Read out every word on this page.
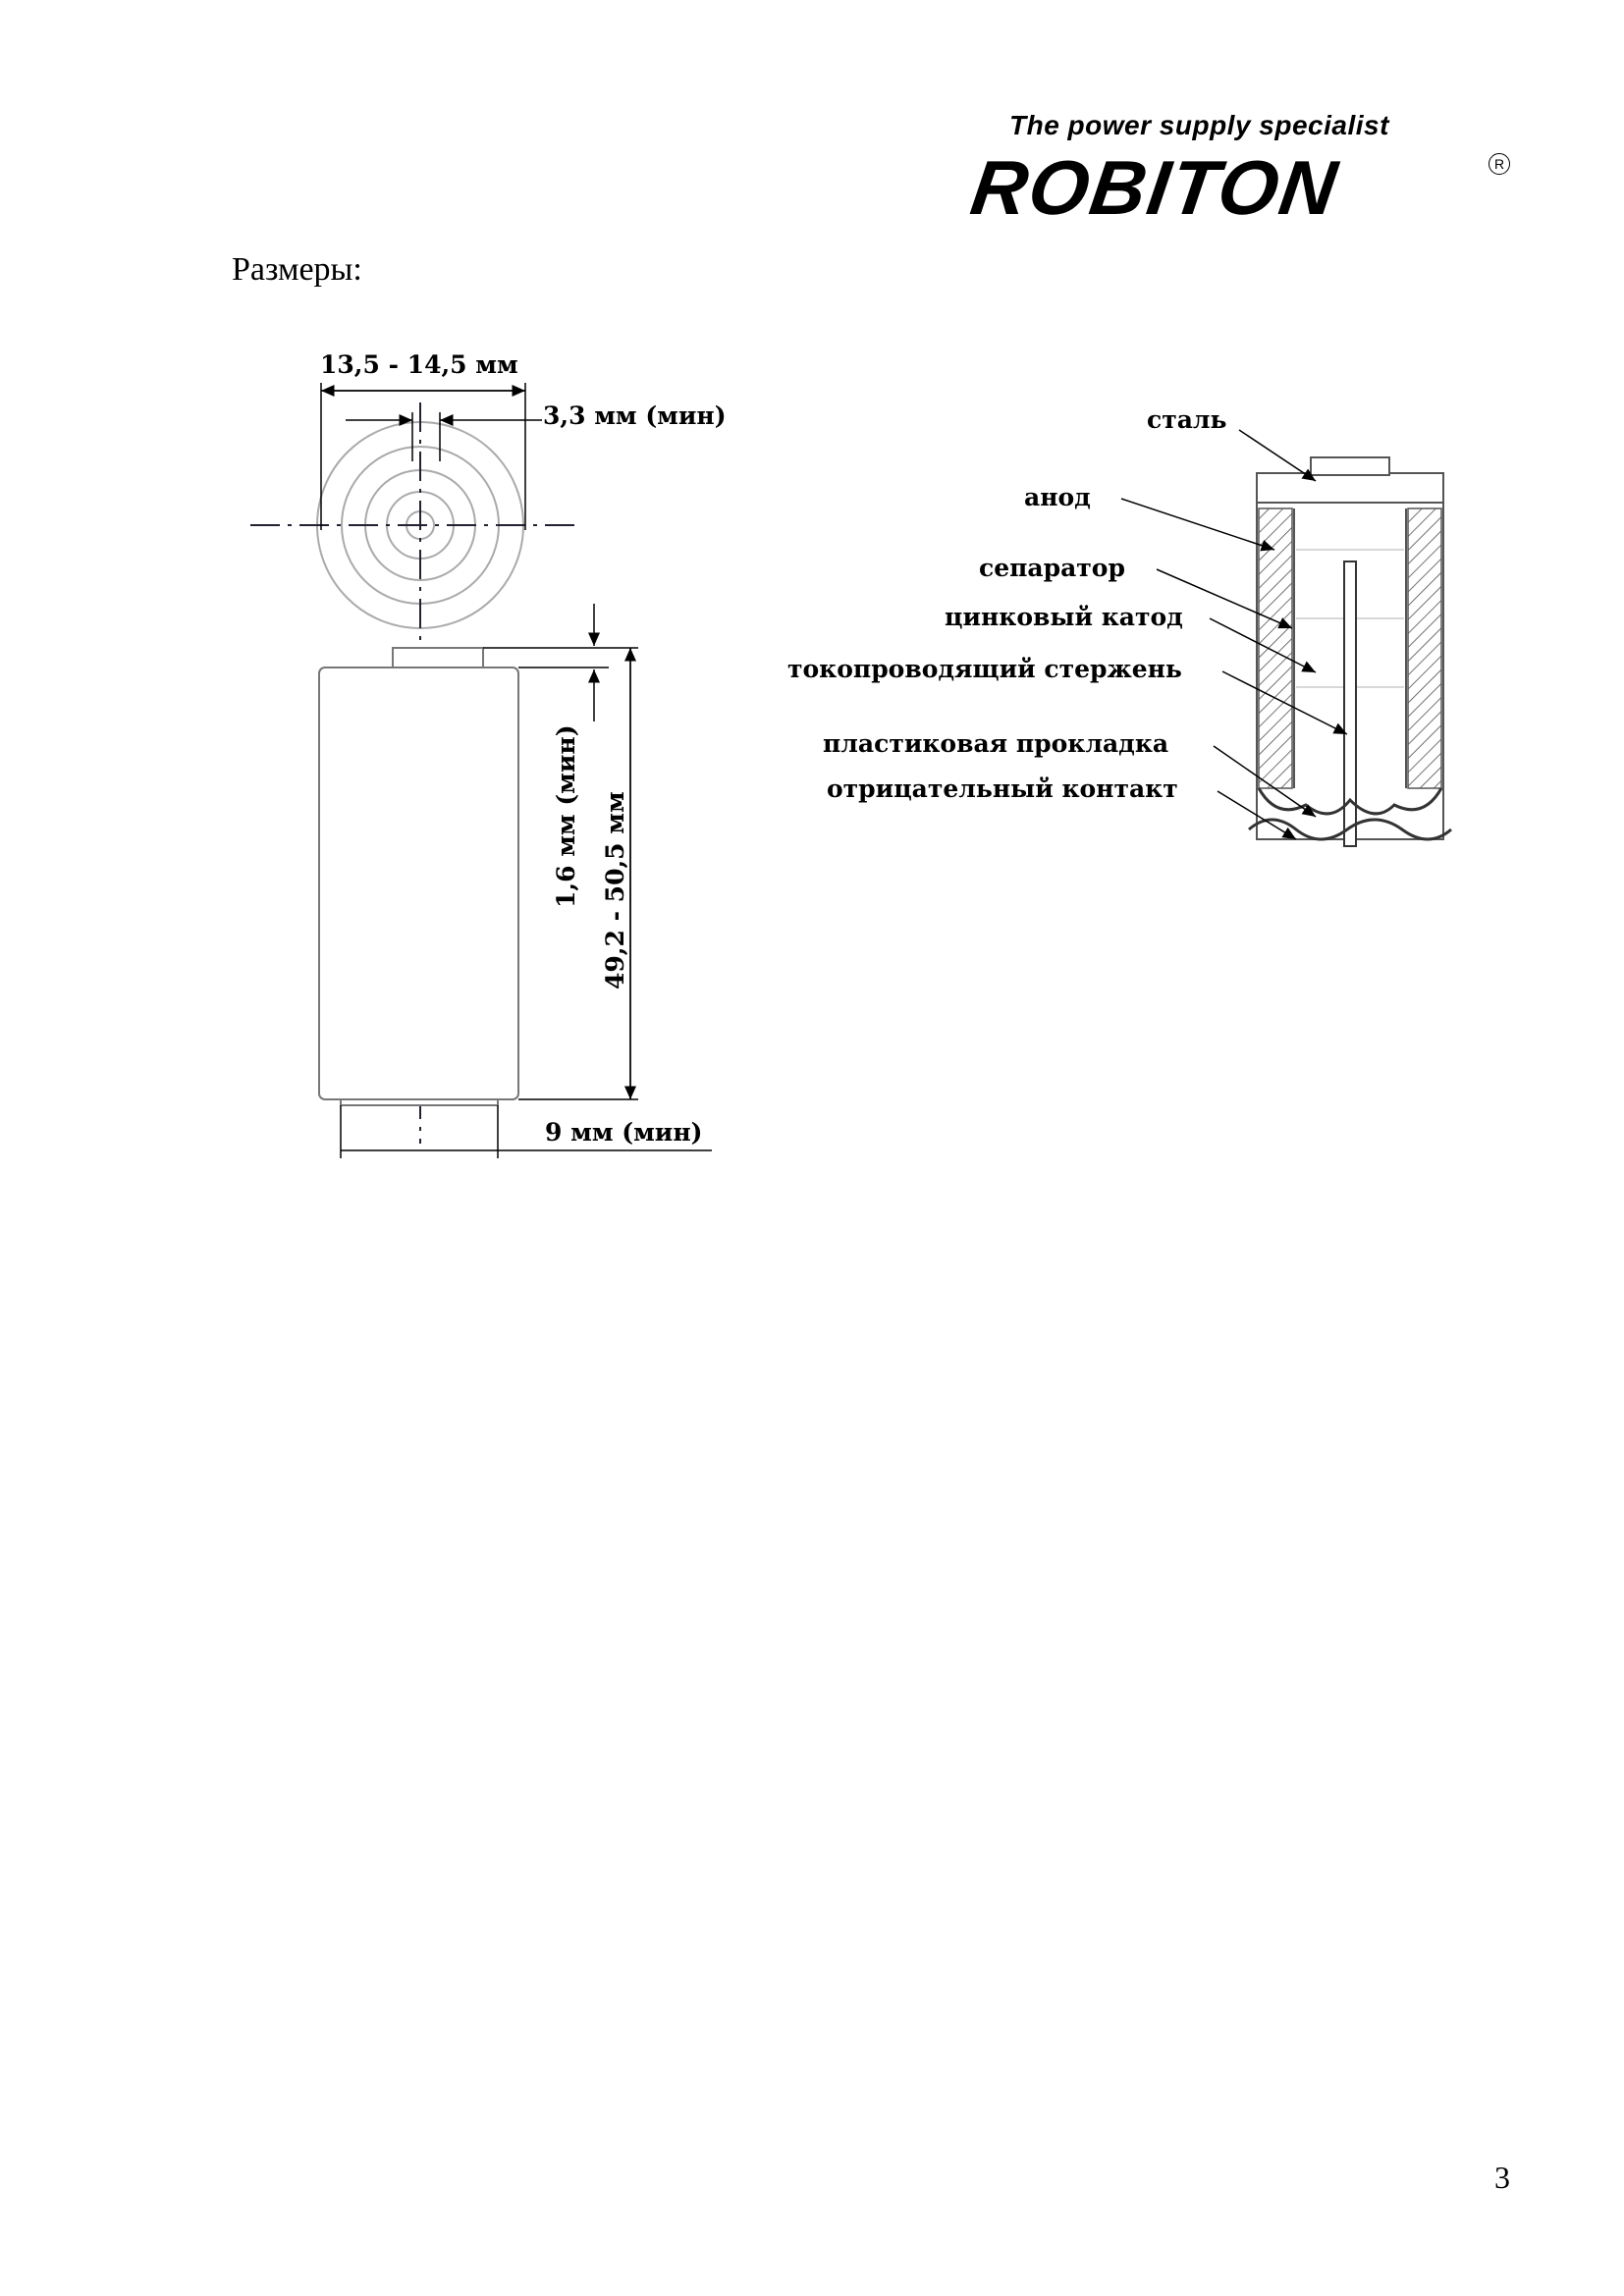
The power supply specialist
ROBITON	R
Размеры:
13,5 - 14,5 мм
3,3 мм (мин)
1,6 мм (мин) 49,2 - 50,5 мм
9 мм (мин)
сталь
анод
сепаратор
цинковый катод
токопроводящий стержень
пластиковая прокладка
отрицательный контакт
3
